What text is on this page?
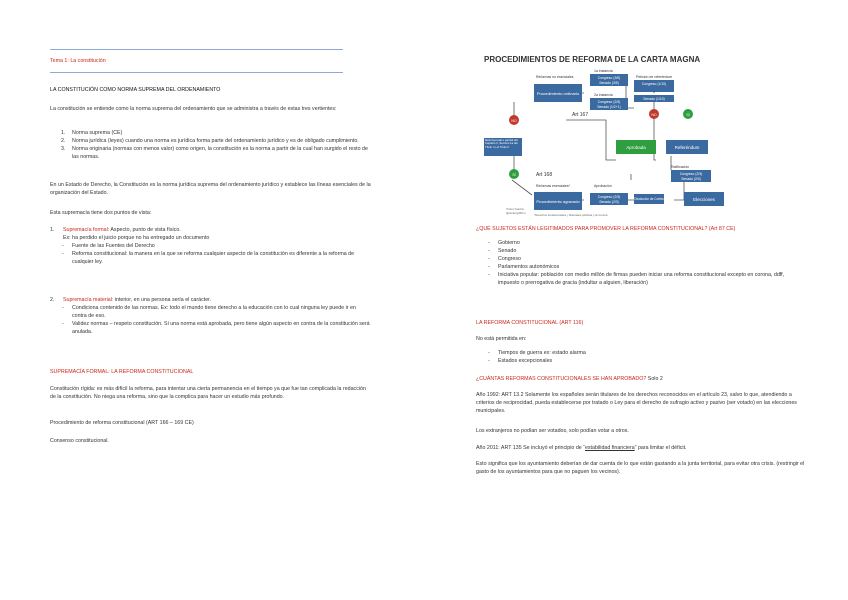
Tema 1: La constitución

LA CONSTITUCIÓN COMO NORMA SUPREMA DEL ORDENAMIENTO

La constitución se entiende como la norma suprema del ordenamiento que se administra a través de estas tres vertientes:

1. Norma suprema (CE)
2. Norma jurídica (leyes) cuando una norma es jurídica forma parte del ordenamiento jurídico y es de obligado cumplimiento.
3. Norma originaria (normas con menos valor) como origen, la constitución es la norma a partir de la cual han surgido el resto de las normas.

En un Estado de Derecho, la Constitución es la norma jurídica suprema del ordenamiento jurídico y establece las líneas esenciales de la organización del Estado.

Esta supremacía tiene dos puntos de vista:

1. Supremacía formal: Aspecto, punto de vista físico.

Ex: ha perdido el juicio porque no ha entregado un documento

- Fuente de las Fuentes del Derecho
- Reforma constitucional: la manera en la que se reforma cualquier aspecto de la constitución es diferente a la reforma de cualquier ley.
2. Supremacía material: interior, en una persona sería el carácter.
- Condiciona contenido de las normas. Ex: todo el mundo tiene derecho a la educación con lo cual ninguna ley puede ir en contra de eso.
- Validez normas – respeto constitución. Si una norma está aprobada, pero tiene algún aspecto en contra de la constitución será anulada.

SUPREMACÍA FORMAL: LA REFORMA CONSTITUCIONAL

Constitución rígida: es más difícil la reforma, para intentar una cierta permanencia en el tiempo ya que fue tan complicada la redacción de la constitución. No niega una reforma, sino que la complica para hacer un estudio más profundo.

Procedimiento de reforma constitucional (ART 166 – 169 CE)

Consenso constitucional.

PROCEDIMIENTOS DE REFORMA DE LA CARTA MAGNA
Reformas no esenciales
1a instancia
2a instancia
Petición de referéndum
Procedimiento ordinario
Congreso (3/5)
Senado (3/5)
Congreso (2/3)
Senado (1/2+1)
Congreso (1/10)
o
Senado (1/10)
Art 167
NO
NO	SÍ
Reforma total o parcial del Capítulo II, Sección 1a del Título I o el Título II	Aprobada	Referéndum
SÍ	Art 168
Reformas esenciales*	Aprobación
Ratificación
Procedimiento agravado
Congreso (2/3)
Senado (2/3)
Disolución de Cortes	Elecciones
Congreso (2/3)
Senado (2/3)
Víctor García
@victorgv8Cm	*Derechos fundamentales y libertades públicas y la Corona

¿QUÉ SUJETOS ESTÁN LEGITIMADOS PARA PROMOVER LA REFORMA CONSTITUCIONAL? (Art 87 CE)

- Gobierno
- Senado
- Congreso
- Parlamentos autonómicos
- Iniciativa popular: población con medio millón de firmas pueden iniciar una reforma constitucional excepto en corona, ddff, impuesto o prerrogativa de gracia (indultar a alguien, liberación)

LA REFORMA CONSTITUCIONAL (ART 116)

No está permitida en:

- Tiempos de guerra ex: estado alarma
- Estados excepcionales

¿CUÁNTAS REFORMAS CONSTITUCIONALES SE HAN APROBADO? Solo 2

Año 1992: ART 13.2 Solamente los españoles serán titulares de los derechos reconocidos en el artículo 23, salvo lo que, atendiendo a criterios de reciprocidad, pueda establecerse por tratado o Ley para el derecho de sufragio activo y pasivo (ser votado) en las elecciones municipales.

Los extranjeros no podían ser votados, solo podían votar a otros.

Año 2011: ART 135 Se incluyó el principio de “estabilidad financiera” para limitar el déficit.

Esto significa que los ayuntamiento deberían de dar cuenta de lo que están gastando a la junta territorial, para evitar otra crisis. (restringir el gasto de los ayuntamientos para que no paguen los vecinos).
